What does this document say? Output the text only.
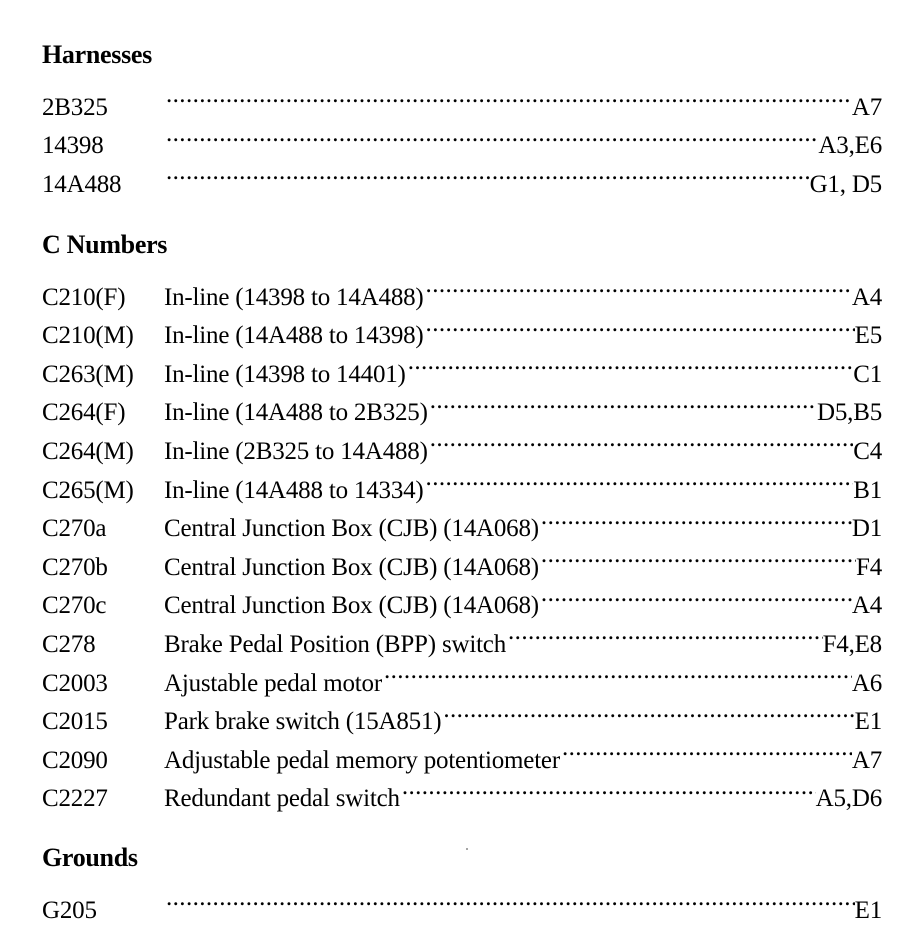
Harnesses
2B325 .....	A7
14398 .....	A3,E6
14A488 .....	G1, D5
C Numbers
C210(F)	In-line (14398 to 14A488) .....	A4
C210(M)	In-line (14A488 to 14398) .....	E5
C263(M)	In-line (14398 to 14401) .....	C1
C264(F)	In-line (14A488 to 2B325) .....	D5,B5
C264(M)	In-line (2B325 to 14A488) .....	C4
C265(M)	In-line (14A488 to 14334) .....	B1
C270a	Central Junction Box (CJB) (14A068) .....	D1
C270b	Central Junction Box (CJB) (14A068) .....	F4
C270c	Central Junction Box (CJB) (14A068) .....	A4
C278	Brake Pedal Position (BPP) switch .....	F4,E8
C2003	Ajustable pedal motor .....	A6
C2015	Park brake switch (15A851) .....	E1
C2090	Adjustable pedal memory potentiometer .....	A7
C2227	Redundant pedal switch .....	A5,D6
Grounds
G205 .....	E1
